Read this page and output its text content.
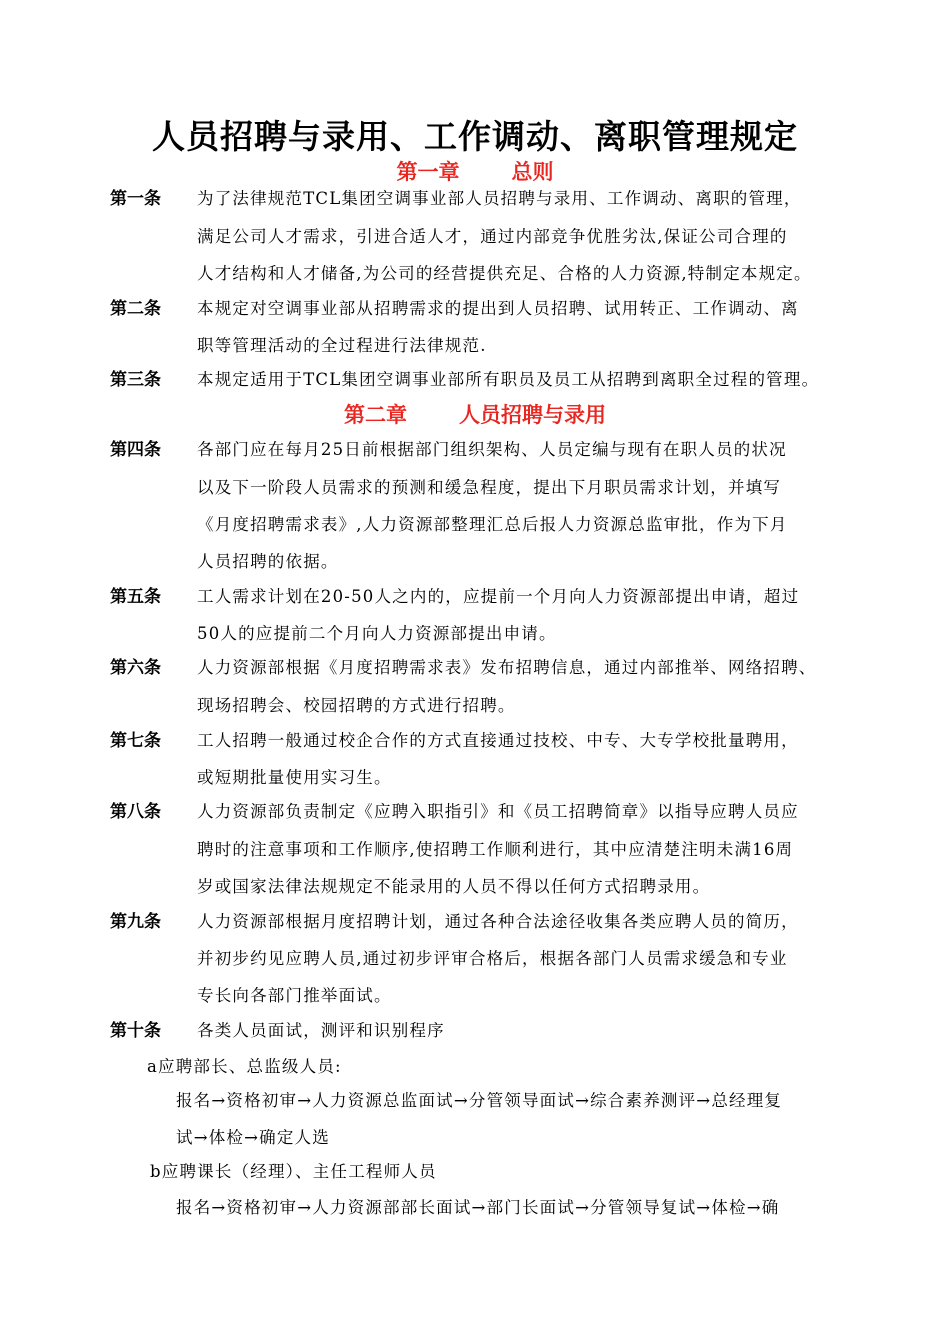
人员招聘与录用、工作调动、离职管理规定
第一章 总则
第一条 为了法律规范TCL集团空调事业部人员招聘与录用、工作调动、离职的管理，
满足公司人才需求，引进合适人才，通过内部竞争优胜劣汰,保证公司合理的
人才结构和人才储备,为公司的经营提供充足、合格的人力资源,特制定本规定。
第二条 本规定对空调事业部从招聘需求的提出到人员招聘、试用转正、工作调动、离
职等管理活动的全过程进行法律规范.
第三条 本规定适用于TCL集团空调事业部所有职员及员工从招聘到离职全过程的管理。
第二章 人员招聘与录用
第四条 各部门应在每月25日前根据部门组织架构、人员定编与现有在职人员的状况
以及下一阶段人员需求的预测和缓急程度，提出下月职员需求计划，并填写
《月度招聘需求表》,人力资源部整理汇总后报人力资源总监审批，作为下月
人员招聘的依据。
第五条 工人需求计划在20-50人之内的，应提前一个月向人力资源部提出申请，超过
50人的应提前二个月向人力资源部提出申请。
第六条 人力资源部根据《月度招聘需求表》发布招聘信息，通过内部推举、网络招聘、
现场招聘会、校园招聘的方式进行招聘。
第七条 工人招聘一般通过校企合作的方式直接通过技校、中专、大专学校批量聘用，
或短期批量使用实习生。
第八条 人力资源部负责制定《应聘入职指引》和《员工招聘简章》以指导应聘人员应
聘时的注意事项和工作顺序,使招聘工作顺利进行，其中应清楚注明未满16周
岁或国家法律法规规定不能录用的人员不得以任何方式招聘录用。
第九条 人力资源部根据月度招聘计划，通过各种合法途径收集各类应聘人员的简历，
并初步约见应聘人员,通过初步评审合格后，根据各部门人员需求缓急和专业
专长向各部门推举面试。
第十条 各类人员面试，测评和识别程序
a应聘部长、总监级人员:
报名→资格初审→人力资源总监面试→分管领导面试→综合素养测评→总经理复
试→体检→确定人选
b应聘课长（经理）、主任工程师人员
报名→资格初审→人力资源部部长面试→部门长面试→分管领导复试→体检→确
